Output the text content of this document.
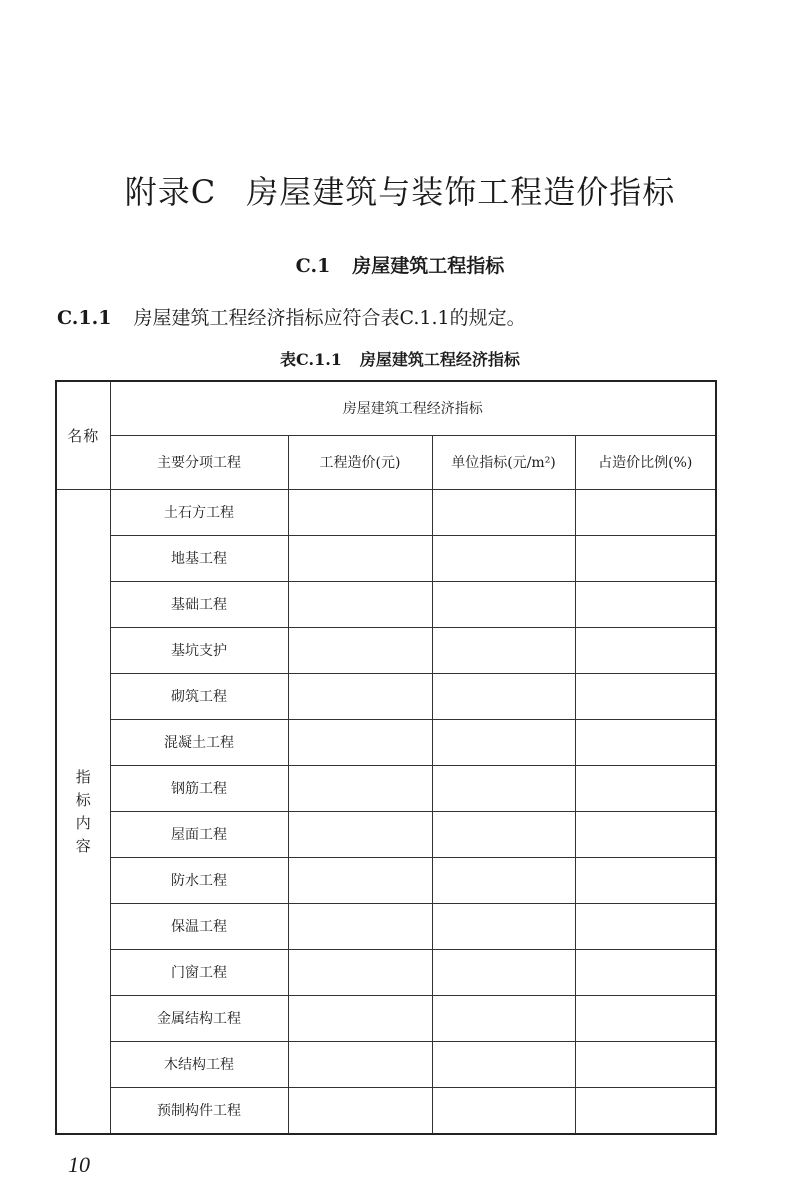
附录C 房屋建筑与装饰工程造价指标
C.1 房屋建筑工程指标
C.1.1 房屋建筑工程经济指标应符合表C.1.1的规定。
表C.1.1 房屋建筑工程经济指标
名称	房屋建筑工程经济指标			
	主要分项工程	工程造价(元)	单位指标(元/m²)	占造价比例(%)
指标内容	土石方工程			
	地基工程			
	基础工程			
	基坑支护			
	砌筑工程			
	混凝土工程			
	钢筋工程			
	屋面工程			
	防水工程			
	保温工程			
	门窗工程			
	金属结构工程			
	木结构工程			
	预制构件工程			
10
